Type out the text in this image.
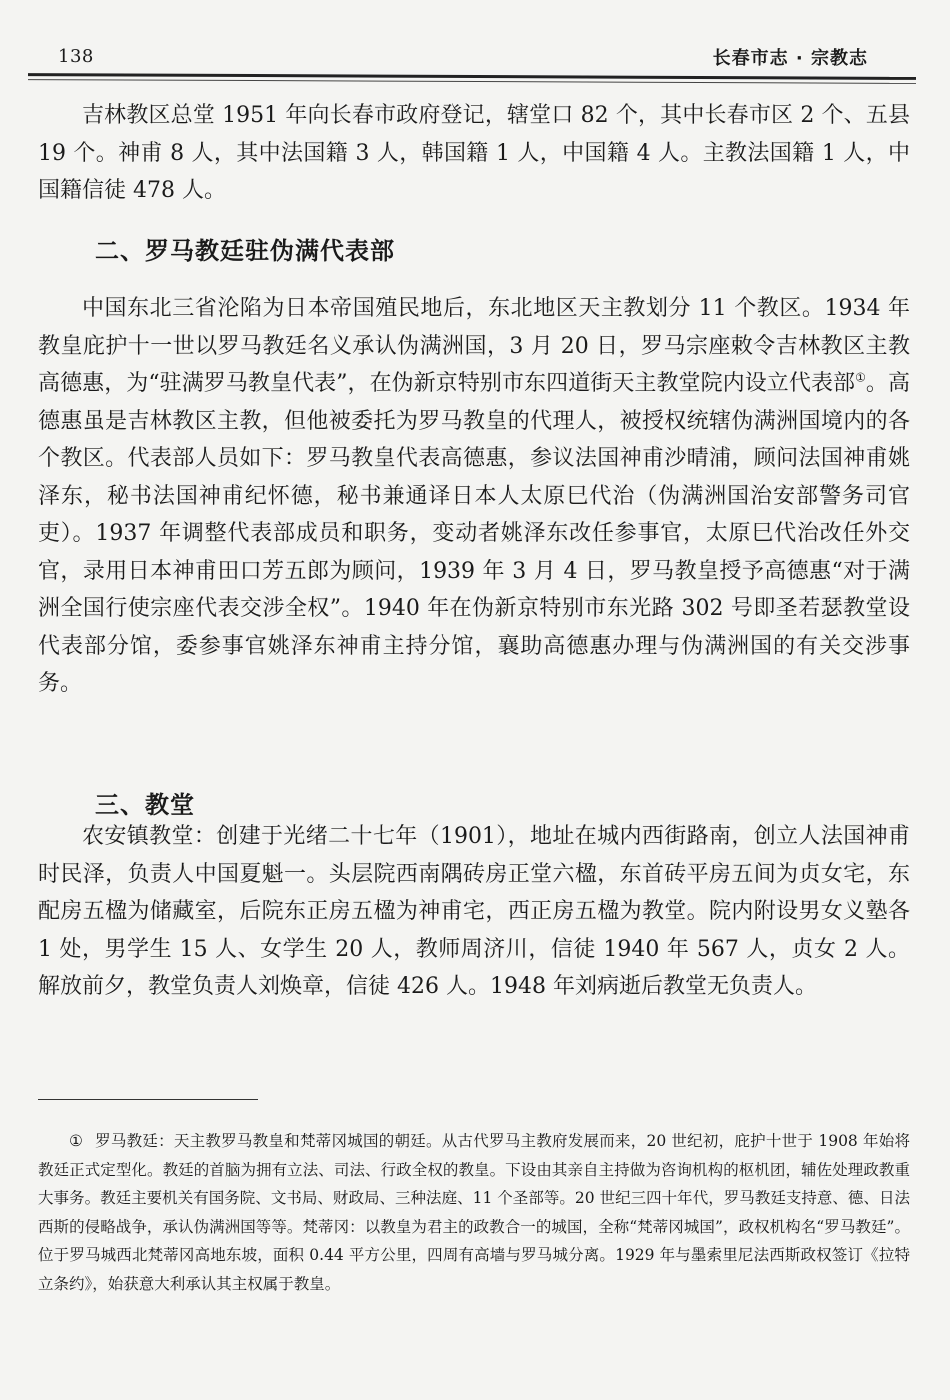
138	长春市志 · 宗教志

吉林教区总堂 1951 年向长春市政府登记，辖堂口 82 个，其中长春市区 2 个、五县 19 个。神甫 8 人，其中法国籍 3 人，韩国籍 1 人，中国籍 4 人。主教法国籍 1 人，中国籍信徒 478 人。

二、罗马教廷驻伪满代表部

中国东北三省沦陷为日本帝国殖民地后，东北地区天主教划分 11 个教区。1934 年教皇庇护十一世以罗马教廷名义承认伪满洲国，3 月 20 日，罗马宗座敕令吉林教区主教高德惠，为“驻满罗马教皇代表”，在伪新京特别市东四道街天主教堂院内设立代表部①。高德惠虽是吉林教区主教，但他被委托为罗马教皇的代理人，被授权统辖伪满洲国境内的各个教区。代表部人员如下：罗马教皇代表高德惠，参议法国神甫沙晴浦，顾问法国神甫姚泽东，秘书法国神甫纪怀德，秘书兼通译日本人太原巳代治（伪满洲国治安部警务司官吏）。1937 年调整代表部成员和职务，变动者姚泽东改任参事官，太原巳代治改任外交官，录用日本神甫田口芳五郎为顾问，1939 年 3 月 4 日，罗马教皇授予高德惠“对于满洲全国行使宗座代表交涉全权”。1940 年在伪新京特别市东光路 302 号即圣若瑟教堂设代表部分馆，委参事官姚泽东神甫主持分馆，襄助高德惠办理与伪满洲国的有关交涉事务。

三、教堂

农安镇教堂：创建于光绪二十七年（1901），地址在城内西街路南，创立人法国神甫时民泽，负责人中国夏魁一。头层院西南隅砖房正堂六楹，东首砖平房五间为贞女宅，东配房五楹为储藏室，后院东正房五楹为神甫宅，西正房五楹为教堂。院内附设男女义塾各 1 处，男学生 15 人、女学生 20 人，教师周济川，信徒 1940 年 567 人，贞女 2 人。解放前夕，教堂负责人刘焕章，信徒 426 人。1948 年刘病逝后教堂无负责人。

① 罗马教廷：天主教罗马教皇和梵蒂冈城国的朝廷。从古代罗马主教府发展而来，20 世纪初，庇护十世于 1908 年始将教廷正式定型化。教廷的首脑为拥有立法、司法、行政全权的教皇。下设由其亲自主持做为咨询机构的枢机团，辅佐处理政教重大事务。教廷主要机关有国务院、文书局、财政局、三种法庭、11 个圣部等。20 世纪三四十年代，罗马教廷支持意、德、日法西斯的侵略战争，承认伪满洲国等等。梵蒂冈：以教皇为君主的政教合一的城国，全称“梵蒂冈城国”，政权机构名“罗马教廷”。位于罗马城西北梵蒂冈高地东坡，面积 0.44 平方公里，四周有高墙与罗马城分离。1929 年与墨索里尼法西斯政权签订《拉特立条约》，始获意大利承认其主权属于教皇。
